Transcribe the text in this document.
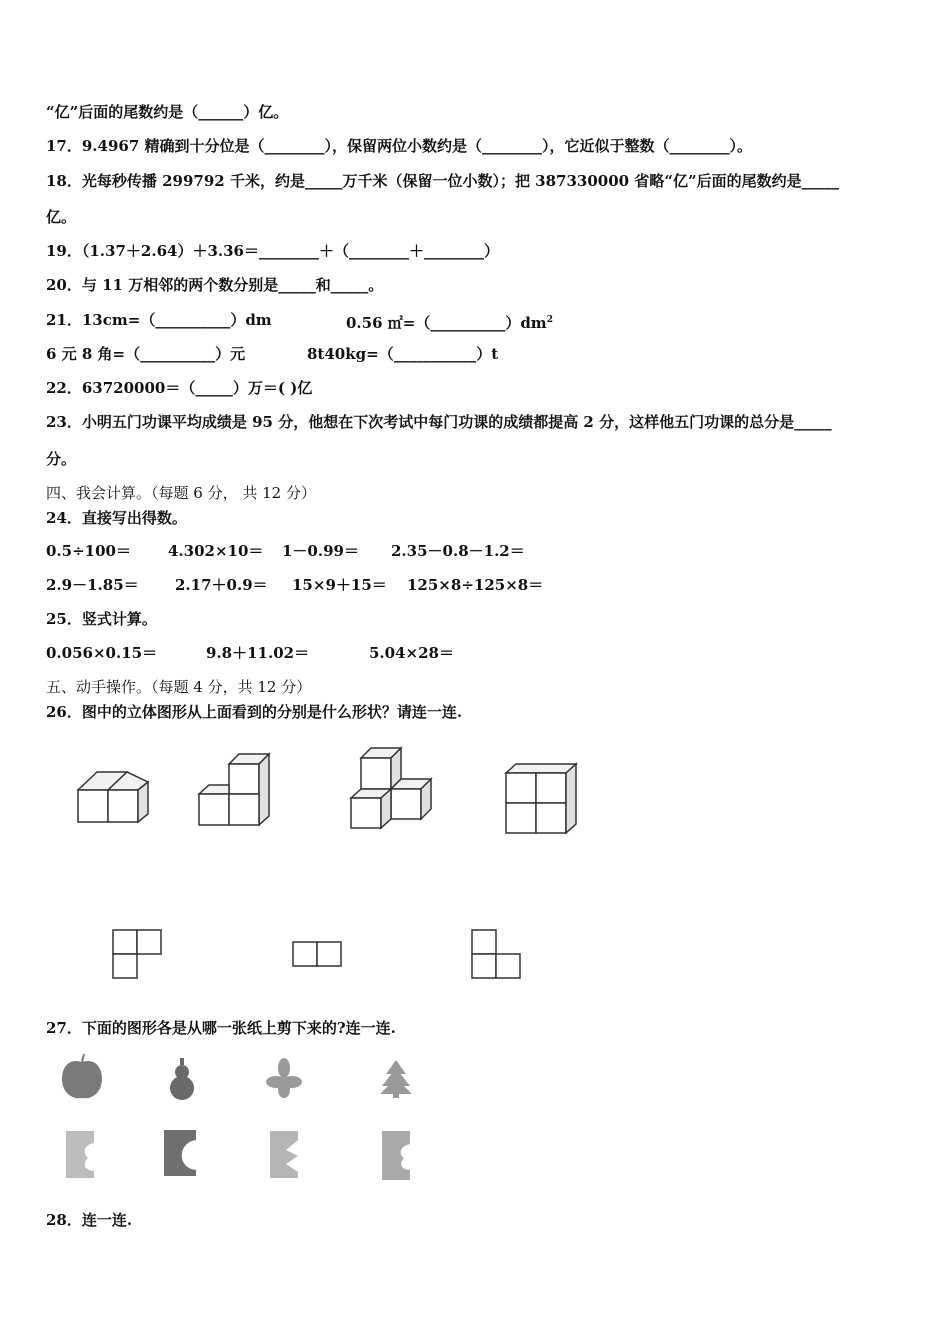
“亿”后面的尾数约是（______）亿。
17．9.4967 精确到十分位是（________），保留两位小数约是（________），它近似于整数（________）。
18．光每秒传播 299792 千米，约是_____万千米（保留一位小数）；把 387330000 省略“亿”后面的尾数约是_____
亿。
19．（1.37＋2.64）＋3.36＝________＋（________＋________）
20．与 11 万相邻的两个数分别是_____和_____。
21．13cm=（__________）dm	0.56 $㎡=(\_\_\_\_\_\_\_\_\_\_)dm^2$
6 元 8 角=（__________）元	8t40kg=（___________）t
22．63720000＝（_____）万＝( )亿
23．小明五门功课平均成绩是 95 分，他想在下次考试中每门功课的成绩都提高 2 分，这样他五门功课的总分是_____
分。
四、我会计算。（每题 6 分， 共 12 分）
24．直接写出得数。
0.5÷100＝ 4.302×10＝ 1－0.99＝ 2.35－0.8－1.2＝
2.9－1.85＝ 2.17＋0.9＝ 15×9＋15＝ 125×8÷125×8＝
25．竖式计算。
0.056×0.15＝	9.8＋11.02＝	5.04×28＝
五、动手操作。（每题 4 分，共 12 分）
26．图中的立体图形从上面看到的分别是什么形状？请连一连.
27．下面的图形各是从哪一张纸上剪下来的?连一连.
28．连一连.
